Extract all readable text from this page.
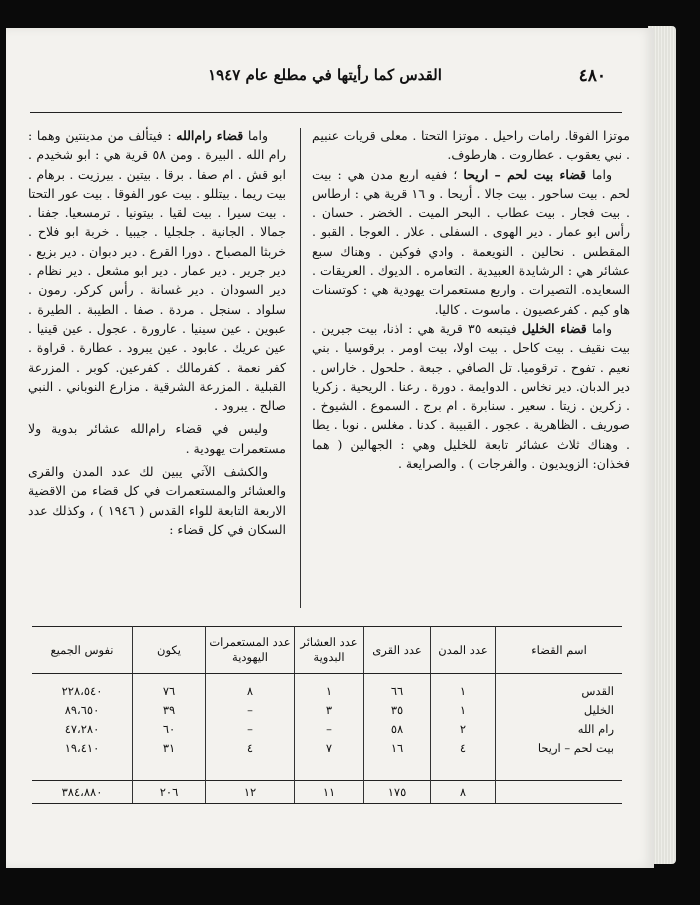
٤٨٠
القدس كما رأيتها في مطلع عام ١٩٤٧

موتزا الفوقا. رامات راحيل . موتزا التحتا . معلى قريات عنبيم . نبي يعقوب . عطاروت . هارطوف.

واما قضاء بيت لحم – اريحا ؛ ففيه اربع مدن هي : بيت لحم . بيت ساحور . بيت جالا . أريحا . و ١٦ قرية هي : ارطاس . بيت فجار . بيت عطاب . البحر الميت . الخضر . حسان . رأس ابو عمار . دير الهوى . السفلى . علار . العوجا . القبو . المقطس . نحالين . النويعمة . وادي فوكين . وهناك سبع عشائر هي : الرشايدة العبيدية . التعامره . الديوك . العريقات . السعايده. التصيرات . واربع مستعمرات يهودية هي : كوتسنات هاو كيم . كفرعصيون . ماسوت . كاليا.

واما قضاء الخليل فيتبعه ٣٥ قرية هي : اذنا، بيت جبرين . بيت نقيف . بيت كاحل . بيت اولا، بيت اومر . برقوسيا . بني نعيم . تفوح . ترقوميا. تل الصافي . جبعة . حلحول . خاراس . دير الدبان. دير نخاس . الدوايمة . دورة . رعنا . الريحية . زكريا . زكرين . زيتا . سعير . سنابرة . ام برج . السموع . الشيوخ . صوريف . الظاهرية . عجور . القبيبة . كدنا . مغلس . نوبا . يطا . وهناك ثلاث عشائر تابعة للخليل وهي : الجهالين ( هما فخذان: الزويديون . والفرجات ) . والصرايعة .

واما قضاء رام‌الله : فيتألف من مدينتين وهما : رام الله . البيرة . ومن ٥٨ قرية هي : ابو شخيدم . ابو قش . ام صفا . برقا . بيتين . بيرزيت . برهام . بيت ريما . بيتللو . بيت عور الفوقا . بيت عور التحتا . بيت سيرا . بيت لقيا . بيتونيا . ترمسعيا. جفنا . جمالا . الجانية . جلجليا . جيبيا . خربة ابو فلاح . خربثا المصباح . دورا القرع . دير دبوان . دير بزيع . دير جرير . دير عمار . دير ابو مشعل . دير نظام . دير السودان . دير غسانة . رأس كركر. رمون . سلواد . سنجل . مردة . صفا . الطيبة . الطيرة . عبوين . عين سينيا . عارورة . عجول . عين قينيا . عين عريك . عابود . عين يبرود . عطارة . قراوة . كفر نعمة . كفرمالك . كفرعين. كوبر . المزرعة القبلية . المزرعة الشرقية . مزارع النوباني . النبي صالح . يبرود .

وليس في قضاء رام‌الله عشائر بدوية ولا مستعمرات يهودية .

والكشف الآتي يبين لك عدد المدن والقرى والعشائر والمستعمرات في كل قضاء من الاقضية الاربعة التابعة للواء القدس ( ١٩٤٦ ) ، وكذلك عدد السكان في كل قضاء :

اسم القضاء	عدد المدن	عدد القرى	عدد العشائر البدوية	عدد المستعمرات اليهودية	يكون	نفوس الجميع
القدس	١	٦٦	١	٨	٧٦	٢٢٨،٥٤٠
الخليل	١	٣٥	٣	–	٣٩	٨٩،٦٥٠
رام الله	٢	٥٨	–	–	٦٠	٤٧،٢٨٠
بيت لحم – اريحا	٤	١٦	٧	٤	٣١	١٩،٤١٠

	٨	١٧٥	١١	١٢	٢٠٦	٣٨٤،٨٨٠
